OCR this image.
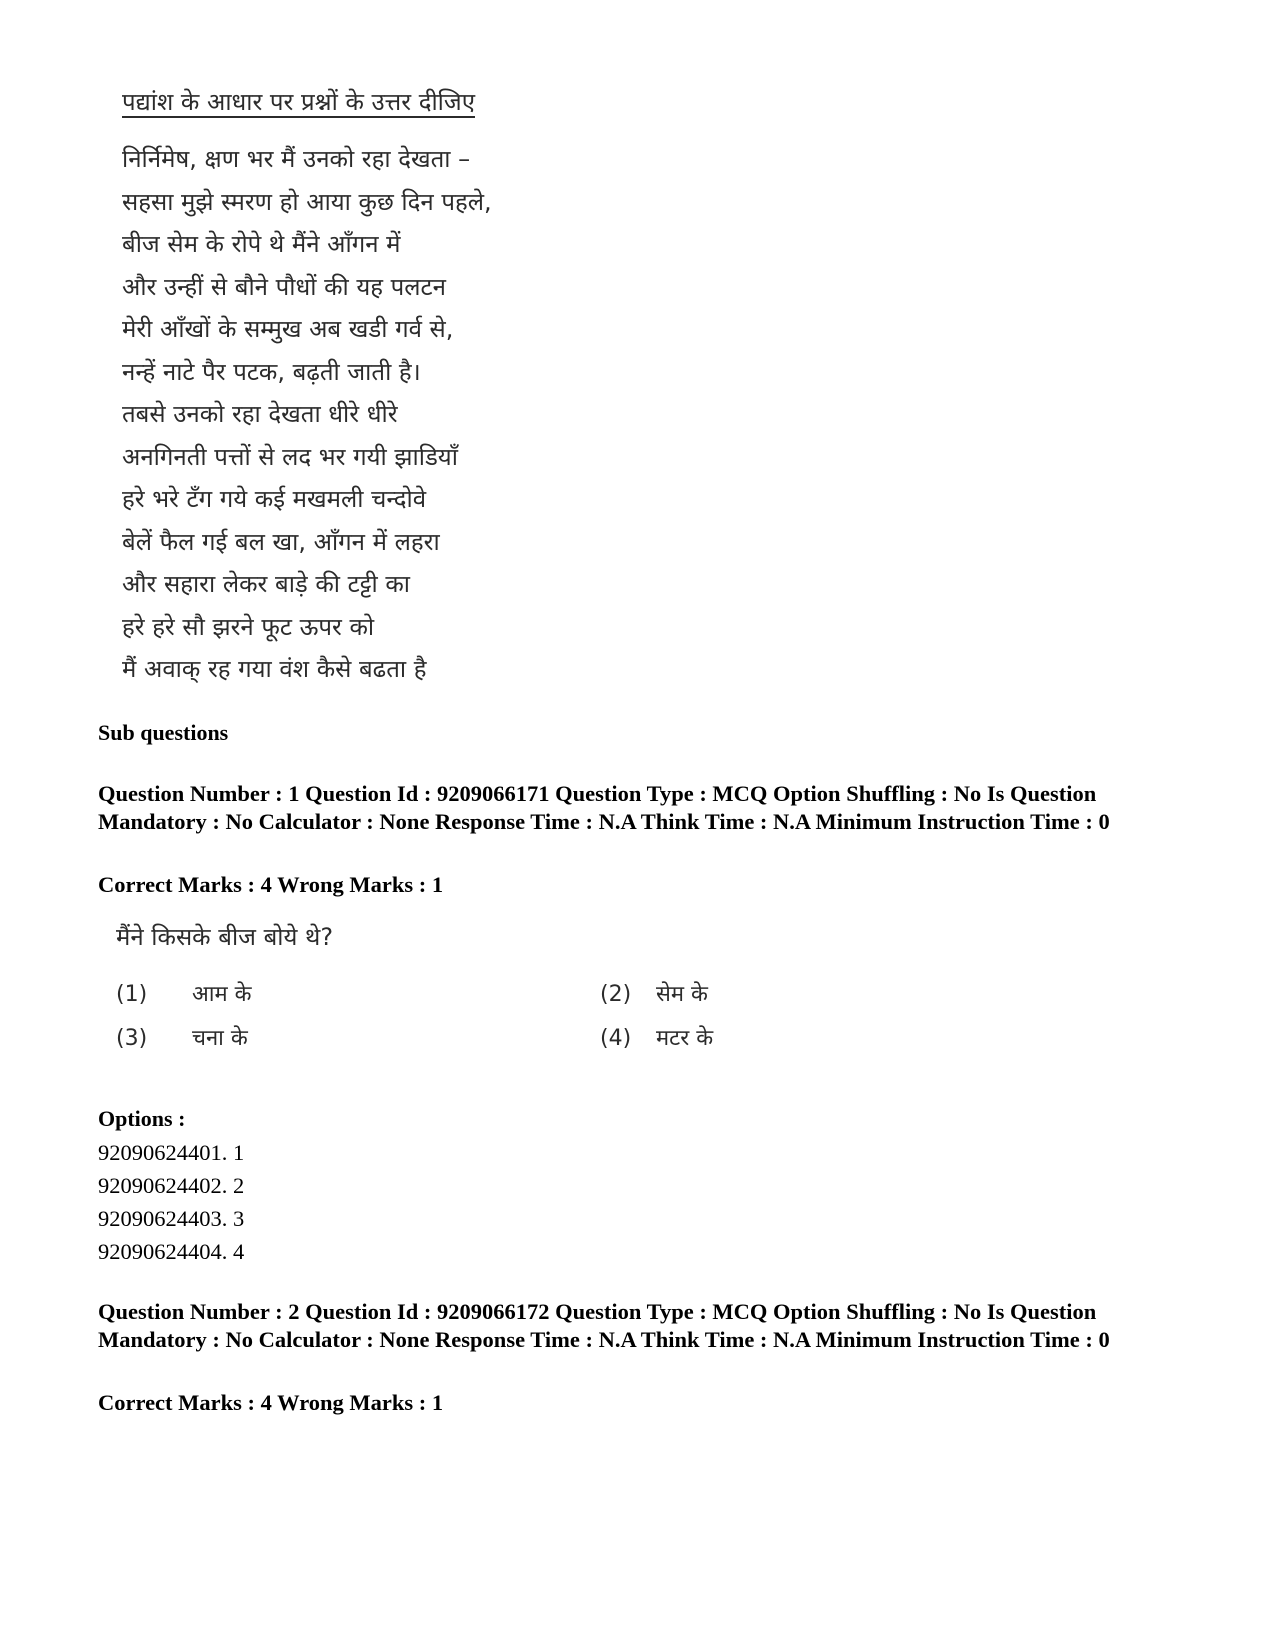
पद्यांश के आधार पर प्रश्नों के उत्तर दीजिए
निर्निमेष, क्षण भर मैं उनको रहा देखता –
सहसा मुझे स्मरण हो आया कुछ दिन पहले,
बीज सेम के रोपे थे मैंने आँगन में
और उन्हीं से बौने पौधों की यह पलटन
मेरी आँखों के सम्मुख अब खडी गर्व से,
नन्हें नाटे पैर पटक, बढ़ती जाती है।
तबसे उनको रहा देखता धीरे धीरे
अनगिनती पत्तों से लद भर गयी झाडियाँ
हरे भरे टँग गये कई मखमली चन्दोवे
बेलें फैल गई बल खा, आँगन में लहरा
और सहारा लेकर बाड़े की टट्टी का
हरे हरे सौ झरने फूट ऊपर को
मैं अवाक् रह गया वंश कैसे बढता है
Sub questions
Question Number : 1 Question Id : 9209066171 Question Type : MCQ Option Shuffling : No Is Question Mandatory : No Calculator : None Response Time : N.A Think Time : N.A Minimum Instruction Time : 0
Correct Marks : 4 Wrong Marks : 1
मैंने किसके बीज बोये थे?
(1) आम के	(2) सेम के
(3) चना के	(4) मटर के
Options :
92090624401. 1
92090624402. 2
92090624403. 3
92090624404. 4
Question Number : 2 Question Id : 9209066172 Question Type : MCQ Option Shuffling : No Is Question Mandatory : No Calculator : None Response Time : N.A Think Time : N.A Minimum Instruction Time : 0
Correct Marks : 4 Wrong Marks : 1
